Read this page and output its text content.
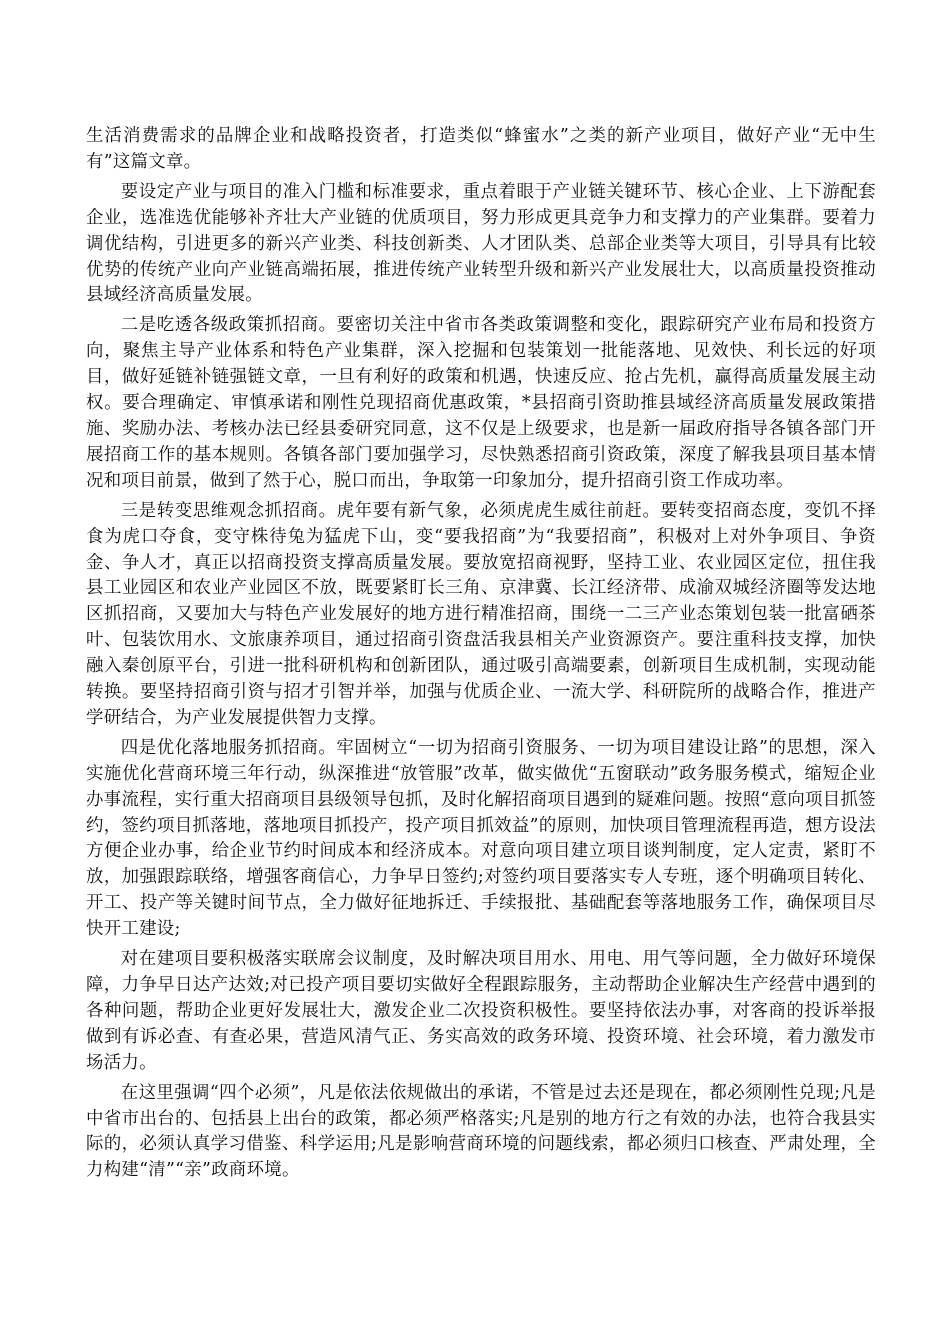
生活消费需求的品牌企业和战略投资者，打造类似“蜂蜜水”之类的新产业项目，做好产业“无中生有”这篇文章。

要设定产业与项目的准入门槛和标准要求，重点着眼于产业链关键环节、核心企业、上下游配套企业，选准选优能够补齐壮大产业链的优质项目，努力形成更具竞争力和支撑力的产业集群。要着力调优结构，引进更多的新兴产业类、科技创新类、人才团队类、总部企业类等大项目，引导具有比较优势的传统产业向产业链高端拓展，推进传统产业转型升级和新兴产业发展壮大，以高质量投资推动县域经济高质量发展。

二是吃透各级政策抓招商。要密切关注中省市各类政策调整和变化，跟踪研究产业布局和投资方向，聚焦主导产业体系和特色产业集群，深入挖掘和包装策划一批能落地、见效快、利长远的好项目，做好延链补链强链文章，一旦有利好的政策和机遇，快速反应、抢占先机，赢得高质量发展主动权。要合理确定、审慎承诺和刚性兑现招商优惠政策，*县招商引资助推县域经济高质量发展政策措施、奖励办法、考核办法已经县委研究同意，这不仅是上级要求，也是新一届政府指导各镇各部门开展招商工作的基本规则。各镇各部门要加强学习，尽快熟悉招商引资政策，深度了解我县项目基本情况和项目前景，做到了然于心，脱口而出，争取第一印象加分，提升招商引资工作成功率。

三是转变思维观念抓招商。虎年要有新气象，必须虎虎生威往前赶。要转变招商态度，变饥不择食为虎口夺食，变守株待兔为猛虎下山，变“要我招商”为“我要招商”，积极对上对外争项目、争资金、争人才，真正以招商投资支撑高质量发展。要放宽招商视野，坚持工业、农业园区定位，扭住我县工业园区和农业产业园区不放，既要紧盯长三角、京津冀、长江经济带、成渝双城经济圈等发达地区抓招商，又要加大与特色产业发展好的地方进行精准招商，围绕一二三产业态策划包装一批富硒茶叶、包装饮用水、文旅康养项目，通过招商引资盘活我县相关产业资源资产。要注重科技支撑，加快融入秦创原平台，引进一批科研机构和创新团队，通过吸引高端要素，创新项目生成机制，实现动能转换。要坚持招商引资与招才引智并举，加强与优质企业、一流大学、科研院所的战略合作，推进产学研结合，为产业发展提供智力支撑。

四是优化落地服务抓招商。牢固树立“一切为招商引资服务、一切为项目建设让路”的思想，深入实施优化营商环境三年行动，纵深推进“放管服”改革，做实做优“五窗联动”政务服务模式，缩短企业办事流程，实行重大招商项目县级领导包抓，及时化解招商项目遇到的疑难问题。按照“意向项目抓签约，签约项目抓落地，落地项目抓投产，投产项目抓效益”的原则，加快项目管理流程再造，想方设法方便企业办事，给企业节约时间成本和经济成本。对意向项目建立项目谈判制度，定人定责，紧盯不放，加强跟踪联络，增强客商信心，力争早日签约;对签约项目要落实专人专班，逐个明确项目转化、开工、投产等关键时间节点，全力做好征地拆迁、手续报批、基础配套等落地服务工作，确保项目尽快开工建设;

对在建项目要积极落实联席会议制度，及时解决项目用水、用电、用气等问题，全力做好环境保障，力争早日达产达效;对已投产项目要切实做好全程跟踪服务，主动帮助企业解决生产经营中遇到的各种问题，帮助企业更好发展壮大，激发企业二次投资积极性。要坚持依法办事，对客商的投诉举报做到有诉必查、有查必果，营造风清气正、务实高效的政务环境、投资环境、社会环境，着力激发市场活力。

在这里强调“四个必须”，凡是依法依规做出的承诺，不管是过去还是现在，都必须刚性兑现;凡是中省市出台的、包括县上出台的政策，都必须严格落实;凡是别的地方行之有效的办法，也符合我县实际的，必须认真学习借鉴、科学运用;凡是影响营商环境的问题线索，都必须归口核查、严肃处理，全力构建“清”“亲”政商环境。
